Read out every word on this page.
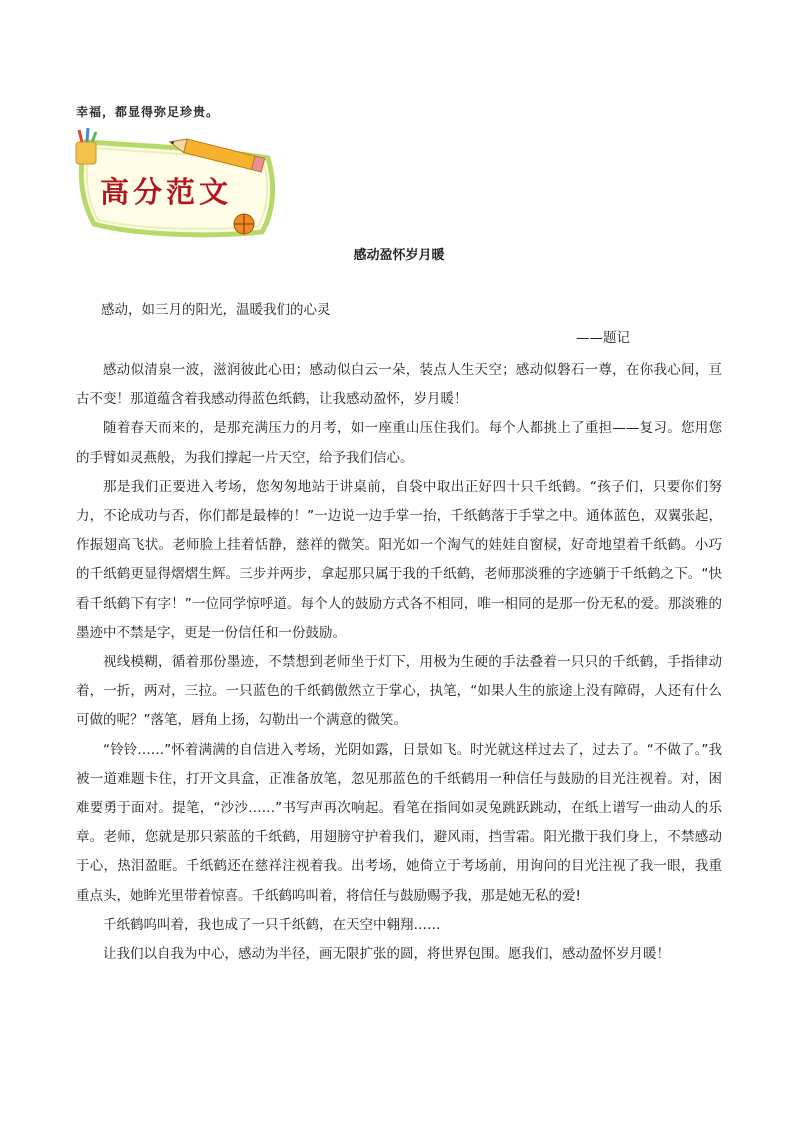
幸福，都显得弥足珍贵。
高分范文
感动盈怀岁月暖
感动，如三月的阳光，温暖我们的心灵
——题记

感动似清泉一波，滋润彼此心田；感动似白云一朵，装点人生天空；感动似磐石一尊，在你我心间，亘古不变！那道蕴含着我感动得蓝色纸鹤，让我感动盈怀，岁月暖！

随着春天而来的，是那充满压力的月考，如一座重山压住我们。每个人都挑上了重担——复习。您用您的手臂如灵燕般，为我们撑起一片天空，给予我们信心。

那是我们正要进入考场，您匆匆地站于讲桌前，自袋中取出正好四十只千纸鹤。“孩子们，只要你们努力，不论成功与否，你们都是最棒的！”一边说一边手掌一抬，千纸鹤落于手掌之中。通体蓝色，双翼张起，作振翅高飞状。老师脸上挂着恬静，慈祥的微笑。阳光如一个淘气的娃娃自窗棂，好奇地望着千纸鹤。小巧的千纸鹤更显得熠熠生辉。三步并两步，拿起那只属于我的千纸鹤，老师那淡雅的字迹躺于千纸鹤之下。“快看千纸鹤下有字！”一位同学惊呼道。每个人的鼓励方式各不相同，唯一相同的是那一份无私的爱。那淡雅的墨迹中不禁是字，更是一份信任和一份鼓励。

视线模糊，循着那份墨迹，不禁想到老师坐于灯下，用极为生硬的手法叠着一只只的千纸鹤，手指律动着，一折，两对，三拉。一只蓝色的千纸鹤傲然立于掌心，执笔，“如果人生的旅途上没有障碍，人还有什么可做的呢？”落笔，唇角上扬，勾勒出一个满意的微笑。

“铃铃……”怀着满满的自信进入考场，光阴如露，日景如飞。时光就这样过去了，过去了。“不做了。”我被一道难题卡住，打开文具盒，正准备放笔，忽见那蓝色的千纸鹤用一种信任与鼓励的目光注视着。对，困难要勇于面对。提笔，“沙沙……”书写声再次响起。看笔在指间如灵兔跳跃跳动，在纸上谱写一曲动人的乐章。老师，您就是那只萦蓝的千纸鹤，用翅膀守护着我们，避风雨，挡雪霜。阳光撒于我们身上，不禁感动于心，热泪盈眶。千纸鹤还在慈祥注视着我。出考场，她倚立于考场前，用询问的目光注视了我一眼，我重重点头，她眸光里带着惊喜。千纸鹤呜叫着，将信任与鼓励赐予我，那是她无私的爱!

千纸鹤呜叫着，我也成了一只千纸鹤，在天空中翱翔……

让我们以自我为中心，感动为半径，画无限扩张的圆，将世界包围。愿我们，感动盈怀岁月暖！
